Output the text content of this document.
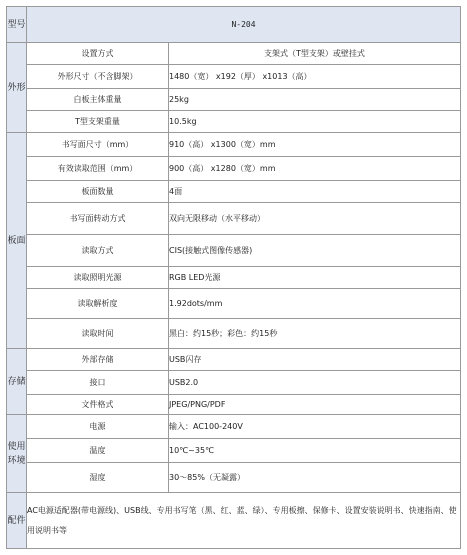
型号	N-204	
外形	设置方式	支架式（T型支架）或壁挂式
	外形尺寸（不含脚架）	1480（宽） x192（厚） x1013（高）
	白板主体重量	25kg
	T型支架重量	10.5kg
板面	书写面尺寸（mm）	910（高） x1300（宽）mm
	有效读取范围（mm）	900（高） x1280（宽）mm
	板面数量	4面
	书写面转动方式	双向无限移动（水平移动）
	读取方式	CIS(接触式图像传感器)
	读取照明光源	RGB LED光源
	读取解析度	1.92dots/mm
	读取时间	黑白：约15秒；彩色：约15秒
存储	外部存储	USB闪存
	接口	USB2.0
	文件格式	JPEG/PNG/PDF
使用环境	电源	输入：AC100-240V
	温度	10℃~35℃
	湿度	30～85%（无凝露）
配件	AC电源适配器(带电源线)、USB线、专用书写笔（黑、红、蓝、绿）、专用板擦、保修卡、设置安装说明书、快速指南、使用说明书等	
